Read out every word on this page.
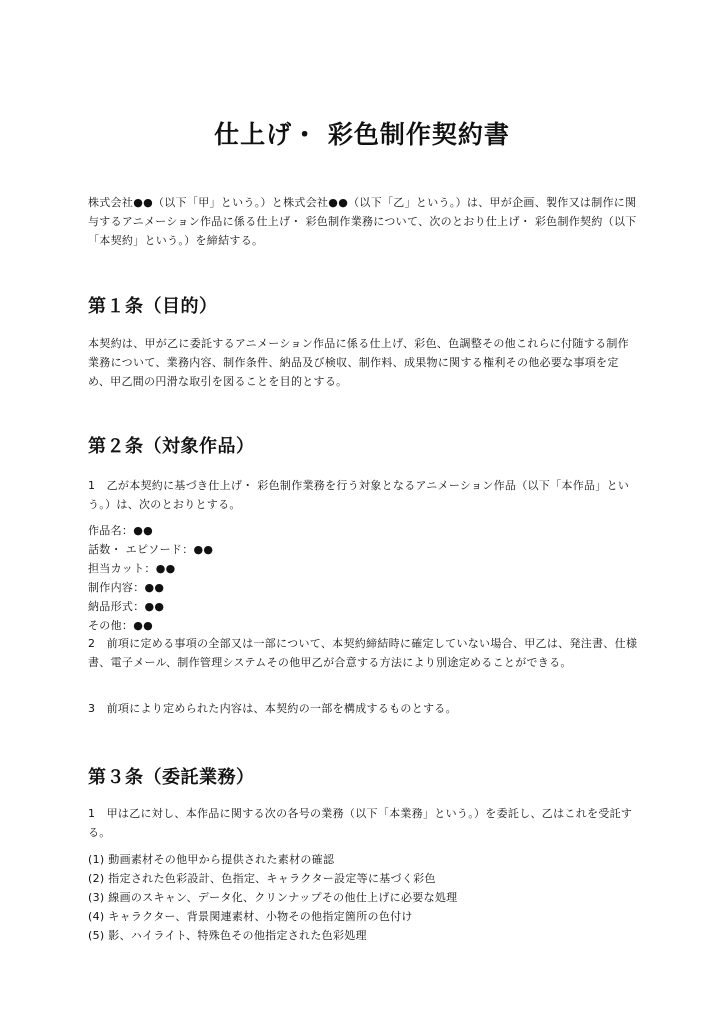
仕上げ・ 彩色制作契約書

株式会社●●（以下「甲」という。）と株式会社●●（以下「乙」という。）は、甲が企画、製作又は制作に関与するアニメーション作品に係る仕上げ・ 彩色制作業務について、次のとおり仕上げ・ 彩色制作契約（以下「本契約」という。）を締結する。

第１条（目的）

本契約は、甲が乙に委託するアニメーション作品に係る仕上げ、彩色、色調整その他これらに付随する制作業務について、業務内容、制作条件、納品及び検収、制作料、成果物に関する権利その他必要な事項を定め、甲乙間の円滑な取引を図ることを目的とする。

第２条（対象作品）

1　乙が本契約に基づき仕上げ・ 彩色制作業務を行う対象となるアニメーション作品（以下「本作品」という。）は、次のとおりとする。

作品名：●●
話数・ エピソード：●●
担当カット：●●
制作内容：●●
納品形式：●●
その他：●●

2　前項に定める事項の全部又は一部について、本契約締結時に確定していない場合、甲乙は、発注書、仕様書、電子メール、制作管理システムその他甲乙が合意する方法により別途定めることができる。

3　前項により定められた内容は、本契約の一部を構成するものとする。

第３条（委託業務）

1　甲は乙に対し、本作品に関する次の各号の業務（以下「本業務」という。）を委託し、乙はこれを受託する。

(1) 動画素材その他甲から提供された素材の確認
(2) 指定された色彩設計、色指定、キャラクター設定等に基づく彩色
(3) 線画のスキャン、データ化、クリンナップその他仕上げに必要な処理
(4) キャラクター、背景関連素材、小物その他指定箇所の色付け
(5) 影、ハイライト、特殊色その他指定された色彩処理
